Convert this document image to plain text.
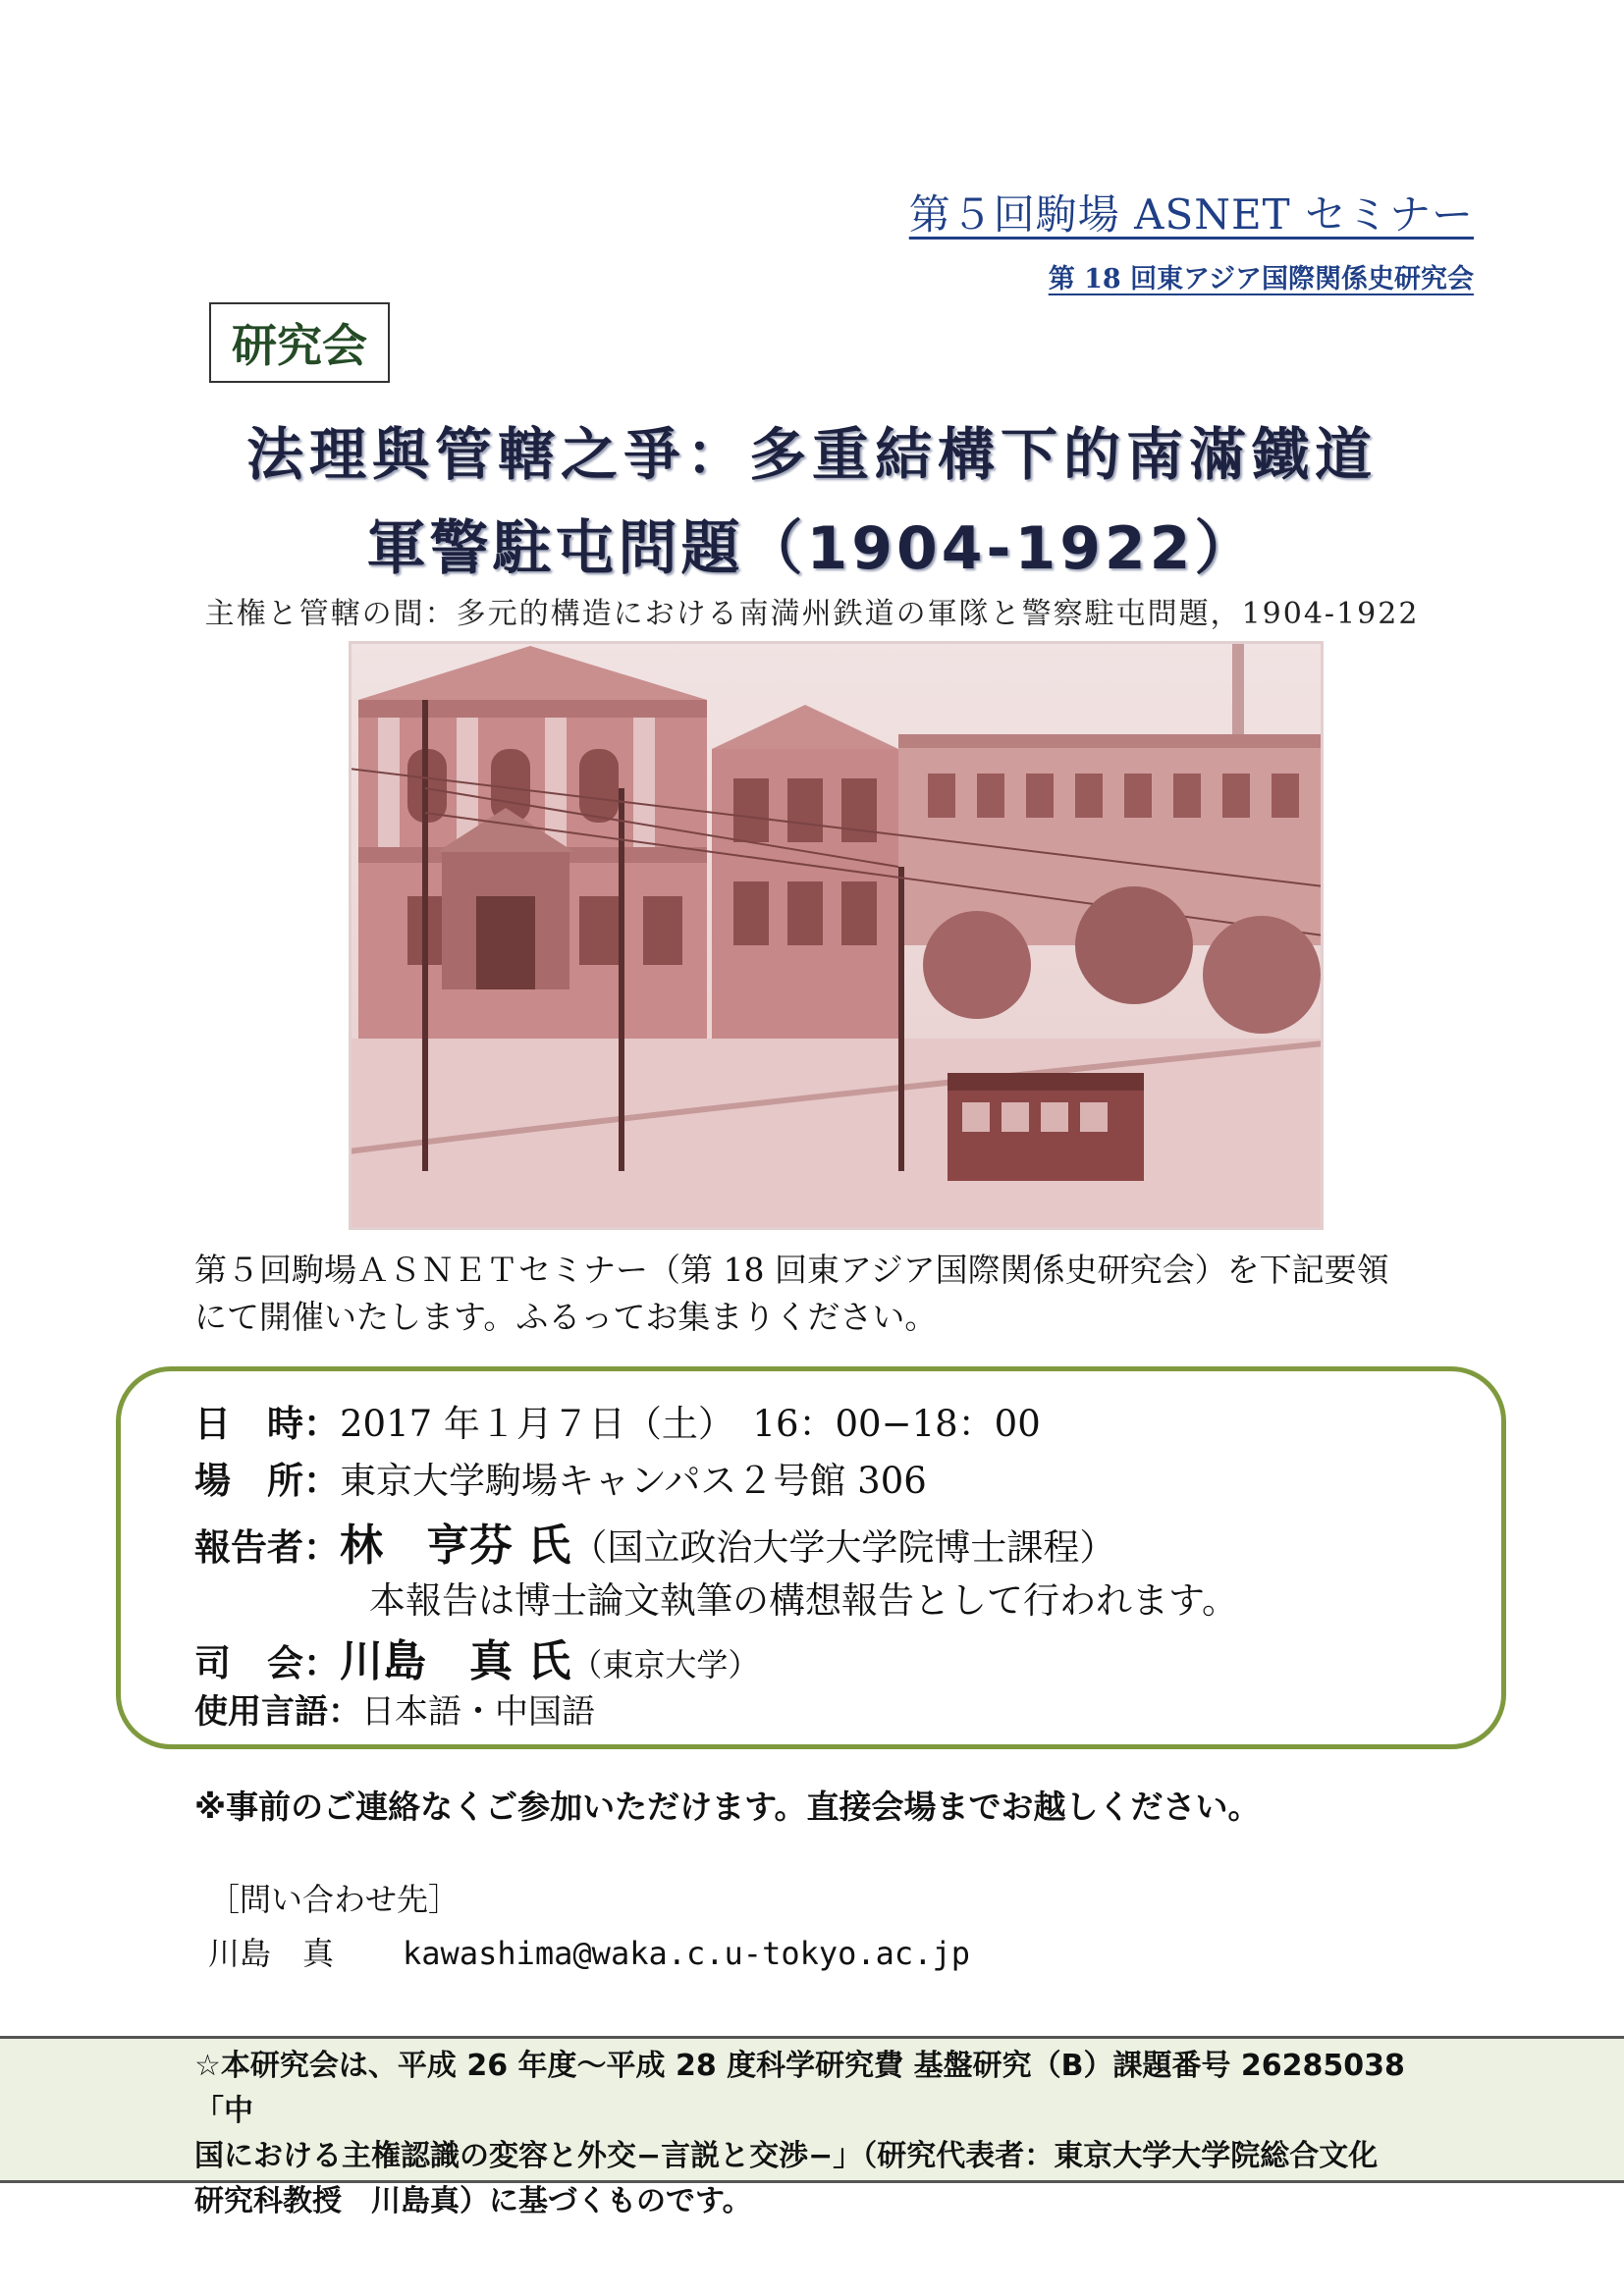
第５回駒場 ASNET セミナー
第 18 回東アジア国際関係史研究会
研究会
法理與管轄之爭：多重結構下的南滿鐵道
軍警駐屯問題（1904-1922）
主権と管轄の間：多元的構造における南満州鉄道の軍隊と警察駐屯問題，1904-1922
第５回駒場ＡＳＮＥＴセミナー（第 18 回東アジア国際関係史研究会）を下記要領
にて開催いたします。ふるってお集まりください。
日　時：2017 年１月７日（土）　16：00−18：00
場　所：東京大学駒場キャンパス２号館 306
報告者：林　亨芬 氏（国立政治大学大学院博士課程）
本報告は博士論文執筆の構想報告として行われます。
司　会：川島　真 氏（東京大学）
使用言語：日本語・中国語
※事前のご連絡なくご参加いただけます。直接会場までお越しください。
［問い合わせ先］
川島　真 kawashima@waka.c.u-tokyo.ac.jp
☆本研究会は、平成 26 年度～平成 28 度科学研究費 基盤研究（B）課題番号 26285038「中
国における主権認識の変容と外交−言説と交渉−」（研究代表者：東京大学大学院総合文化
研究科教授　川島真）に基づくものです。
